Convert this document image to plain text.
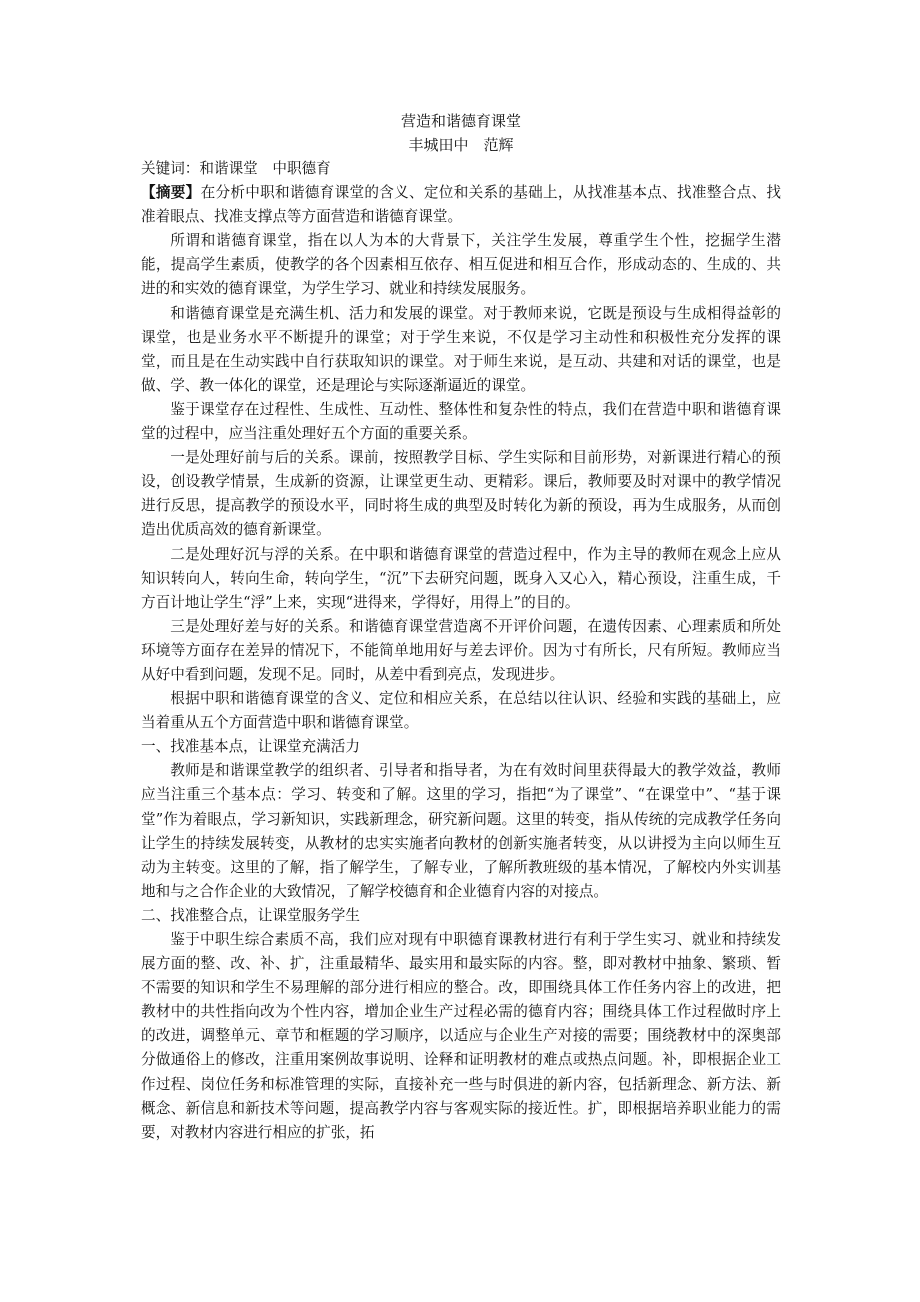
营造和谐德育课堂

丰城田中　范辉

关键词：和谐课堂　中职德育

【摘要】在分析中职和谐德育课堂的含义、定位和关系的基础上，从找准基本点、找准整合点、找准着眼点、找准支撑点等方面营造和谐德育课堂。

所谓和谐德育课堂，指在以人为本的大背景下，关注学生发展，尊重学生个性，挖掘学生潜能，提高学生素质，使教学的各个因素相互依存、相互促进和相互合作，形成动态的、生成的、共进的和实效的德育课堂，为学生学习、就业和持续发展服务。

和谐德育课堂是充满生机、活力和发展的课堂。对于教师来说，它既是预设与生成相得益彰的课堂，也是业务水平不断提升的课堂；对于学生来说，不仅是学习主动性和积极性充分发挥的课堂，而且是在生动实践中自行获取知识的课堂。对于师生来说，是互动、共建和对话的课堂，也是做、学、教一体化的课堂，还是理论与实际逐渐逼近的课堂。

鉴于课堂存在过程性、生成性、互动性、整体性和复杂性的特点，我们在营造中职和谐德育课堂的过程中，应当注重处理好五个方面的重要关系。

一是处理好前与后的关系。课前，按照教学目标、学生实际和目前形势，对新课进行精心的预设，创设教学情景，生成新的资源，让课堂更生动、更精彩。课后，教师要及时对课中的教学情况进行反思，提高教学的预设水平，同时将生成的典型及时转化为新的预设，再为生成服务，从而创造出优质高效的德育新课堂。

二是处理好沉与浮的关系。在中职和谐德育课堂的营造过程中，作为主导的教师在观念上应从知识转向人，转向生命，转向学生，“沉”下去研究问题，既身入又心入，精心预设，注重生成，千方百计地让学生“浮”上来，实现“进得来，学得好，用得上”的目的。

三是处理好差与好的关系。和谐德育课堂营造离不开评价问题，在遗传因素、心理素质和所处环境等方面存在差异的情况下，不能简单地用好与差去评价。因为寸有所长，尺有所短。教师应当从好中看到问题，发现不足。同时，从差中看到亮点，发现进步。

根据中职和谐德育课堂的含义、定位和相应关系，在总结以往认识、经验和实践的基础上，应当着重从五个方面营造中职和谐德育课堂。

一、找准基本点，让课堂充满活力

教师是和谐课堂教学的组织者、引导者和指导者，为在有效时间里获得最大的教学效益，教师应当注重三个基本点：学习、转变和了解。这里的学习，指把“为了课堂”、“在课堂中”、“基于课堂”作为着眼点，学习新知识，实践新理念，研究新问题。这里的转变，指从传统的完成教学任务向让学生的持续发展转变，从教材的忠实实施者向教材的创新实施者转变，从以讲授为主向以师生互动为主转变。这里的了解，指了解学生，了解专业，了解所教班级的基本情况，了解校内外实训基地和与之合作企业的大致情况，了解学校德育和企业德育内容的对接点。

二、找准整合点，让课堂服务学生

鉴于中职生综合素质不高，我们应对现有中职德育课教材进行有利于学生实习、就业和持续发展方面的整、改、补、扩，注重最精华、最实用和最实际的内容。整，即对教材中抽象、繁琐、暂不需要的知识和学生不易理解的部分进行相应的整合。改，即围绕具体工作任务内容上的改进，把教材中的共性指向改为个性内容，增加企业生产过程必需的德育内容；围绕具体工作过程做时序上的改进，调整单元、章节和框题的学习顺序，以适应与企业生产对接的需要；围绕教材中的深奥部分做通俗上的修改，注重用案例故事说明、诠释和证明教材的难点或热点问题。补，即根据企业工作过程、岗位任务和标准管理的实际，直接补充一些与时俱进的新内容，包括新理念、新方法、新概念、新信息和新技术等问题，提高教学内容与客观实际的接近性。扩，即根据培养职业能力的需要，对教材内容进行相应的扩张，拓
